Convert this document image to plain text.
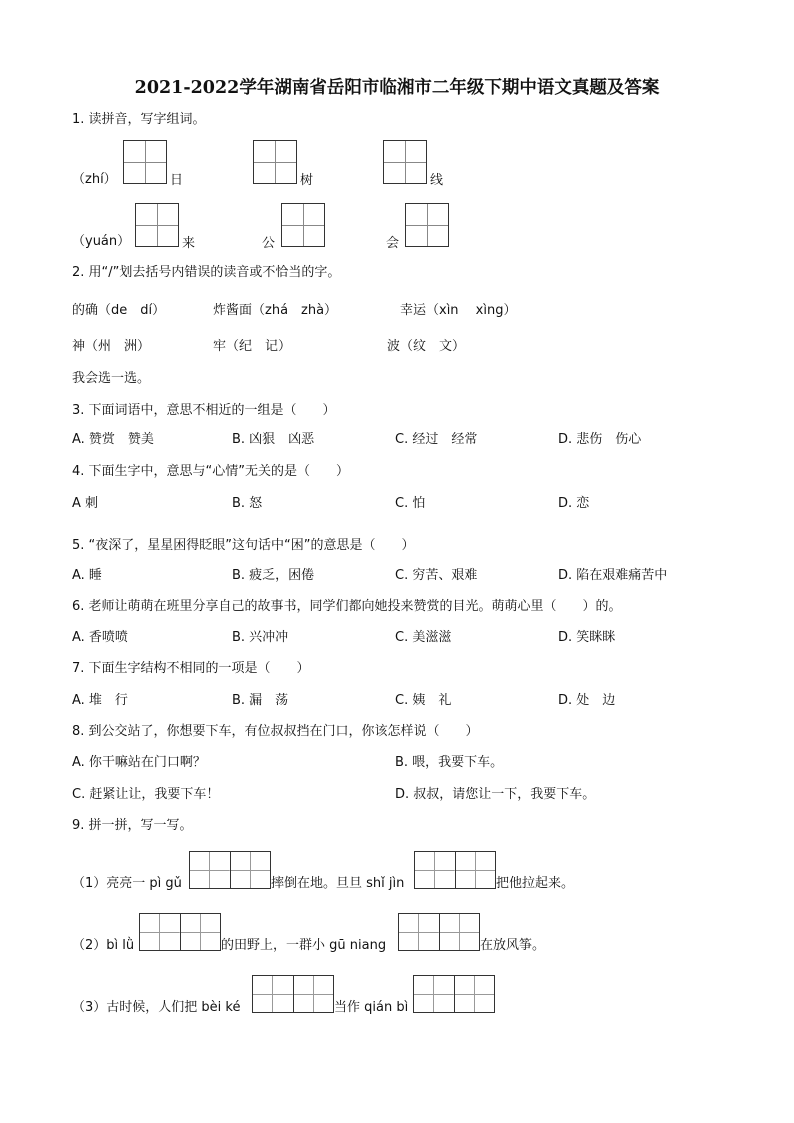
2021-2022学年湖南省岳阳市临湘市二年级下期中语文真题及答案
1. 读拼音，写字组词。
（zhí）	日	树	线
（yuán）	来	公	会
2. 用“/”划去括号内错误的读音或不恰当的字。
的确（de　dí）	炸酱面（zhá　zhà）	幸运（xìn　 xìng）
神（州　洲）	牢（纪　记）	波（纹　文）
我会选一选。
3. 下面词语中，意思不相近的一组是（　　）
A. 赞赏　赞美	B. 凶狠　凶恶	C. 经过　经常	D. 悲伤　伤心
4. 下面生字中，意思与“心情”无关的是（　　）
A 刺	B. 怒	C. 怕	D. 恋
5. “夜深了，星星困得眨眼”这句话中“困”的意思是（　　）
A. 睡	B. 疲乏，困倦	C. 穷苦、艰难	D. 陷在艰难痛苦中
6. 老师让萌萌在班里分享自己的故事书，同学们都向她投来赞赏的目光。萌萌心里（　　）的。
A. 香喷喷	B. 兴冲冲	C. 美滋滋	D. 笑眯眯
7. 下面生字结构不相同的一项是（　　）
A. 堆　行	B. 漏　荡	C. 姨　礼	D. 处　边
8. 到公交站了，你想要下车，有位叔叔挡在门口，你该怎样说（　　）
A. 你干嘛站在门口啊？	B. 喂，我要下车。
C. 赶紧让让，我要下车！	D. 叔叔，请您让一下，我要下车。
9. 拼一拼，写一写。
（1）亮亮一 pì gǔ	摔倒在地。旦旦 shǐ jìn	把他拉起来。
（2）bì lǜ	的田野上，一群小 gū niang	在放风筝。
（3）古时候，人们把 bèi ké	当作 qián bì
